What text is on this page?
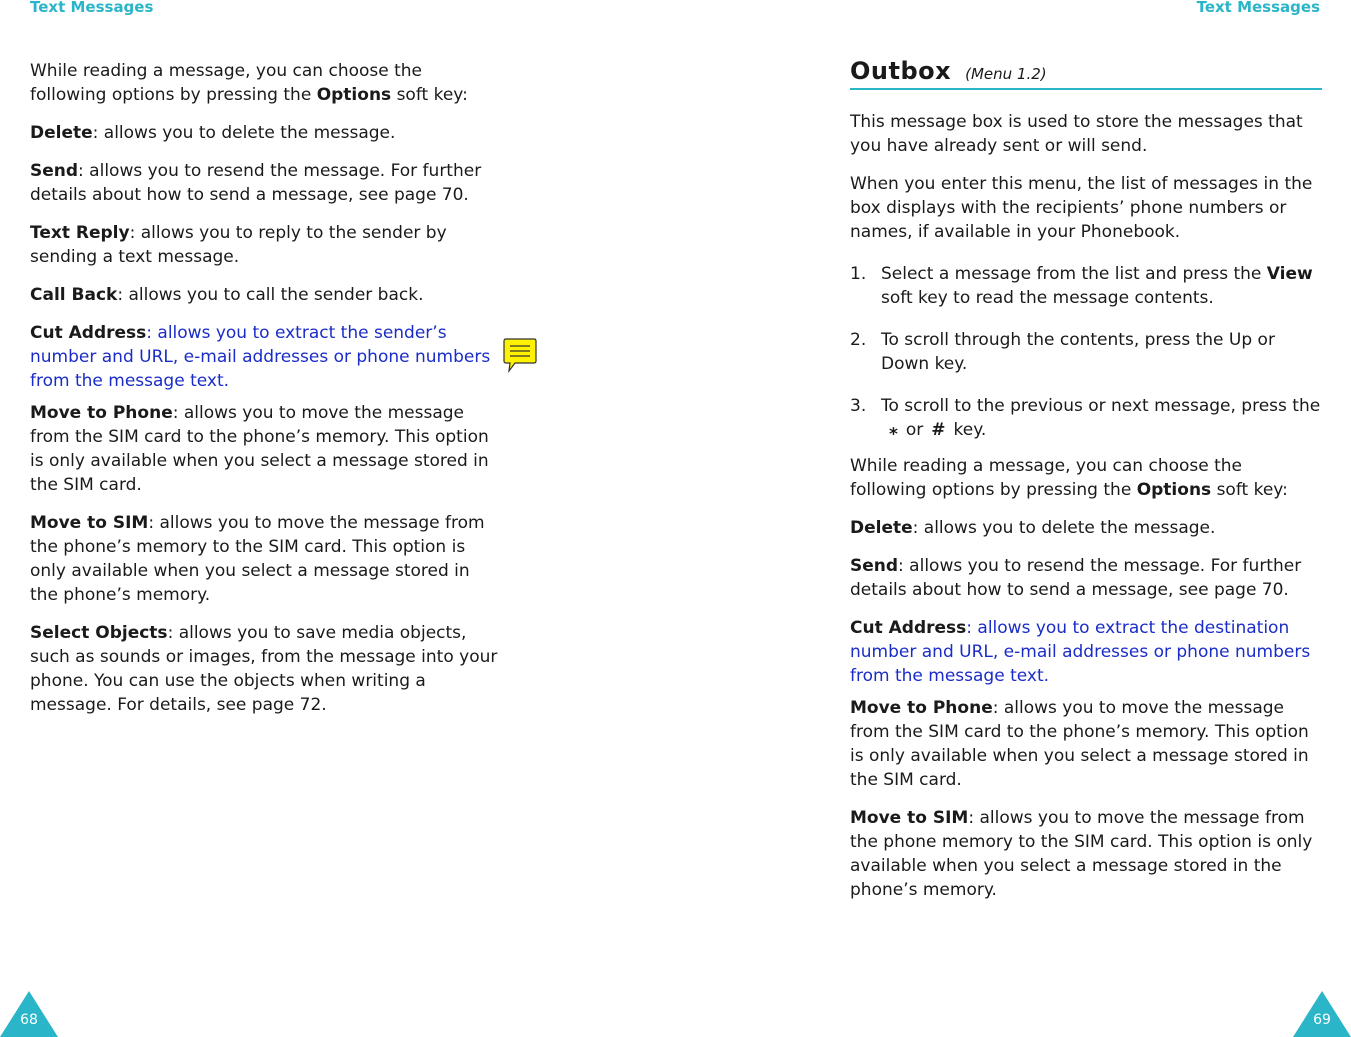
Text Messages

While reading a message, you can choose the following options by pressing the Options soft key:

Delete: allows you to delete the message.

Send: allows you to resend the message. For further details about how to send a message, see page 70.

Text Reply: allows you to reply to the sender by sending a text message.

Call Back: allows you to call the sender back.

Cut Address: allows you to extract the sender’s number and URL, e-mail addresses or phone numbers from the message text.

Move to Phone: allows you to move the message from the SIM card to the phone’s memory. This option is only available when you select a message stored in the SIM card.

Move to SIM: allows you to move the message from the phone’s memory to the SIM card. This option is only available when you select a message stored in the phone’s memory.

Select Objects: allows you to save media objects, such as sounds or images, from the message into your phone. You can use the objects when writing a message. For details, see page 72.

68
Text Messages
Outbox (Menu 1.2)

This message box is used to store the messages that you have already sent or will send.

When you enter this menu, the list of messages in the box displays with the recipients’ phone numbers or names, if available in your Phonebook.

1. Select a message from the list and press the View soft key to read the message contents.
2. To scroll through the contents, press the Up or Down key.
3. To scroll to the previous or next message, press the⁎ or # key.

While reading a message, you can choose the following options by pressing the Options soft key:

Delete: allows you to delete the message.

Send: allows you to resend the message. For further details about how to send a message, see page 70.

Cut Address: allows you to extract the destination number and URL, e-mail addresses or phone numbers from the message text.

Move to Phone: allows you to move the message from the SIM card to the phone’s memory. This option is only available when you select a message stored in the SIM card.

Move to SIM: allows you to move the message from the phone memory to the SIM card. This option is only available when you select a message stored in the phone’s memory.

69
